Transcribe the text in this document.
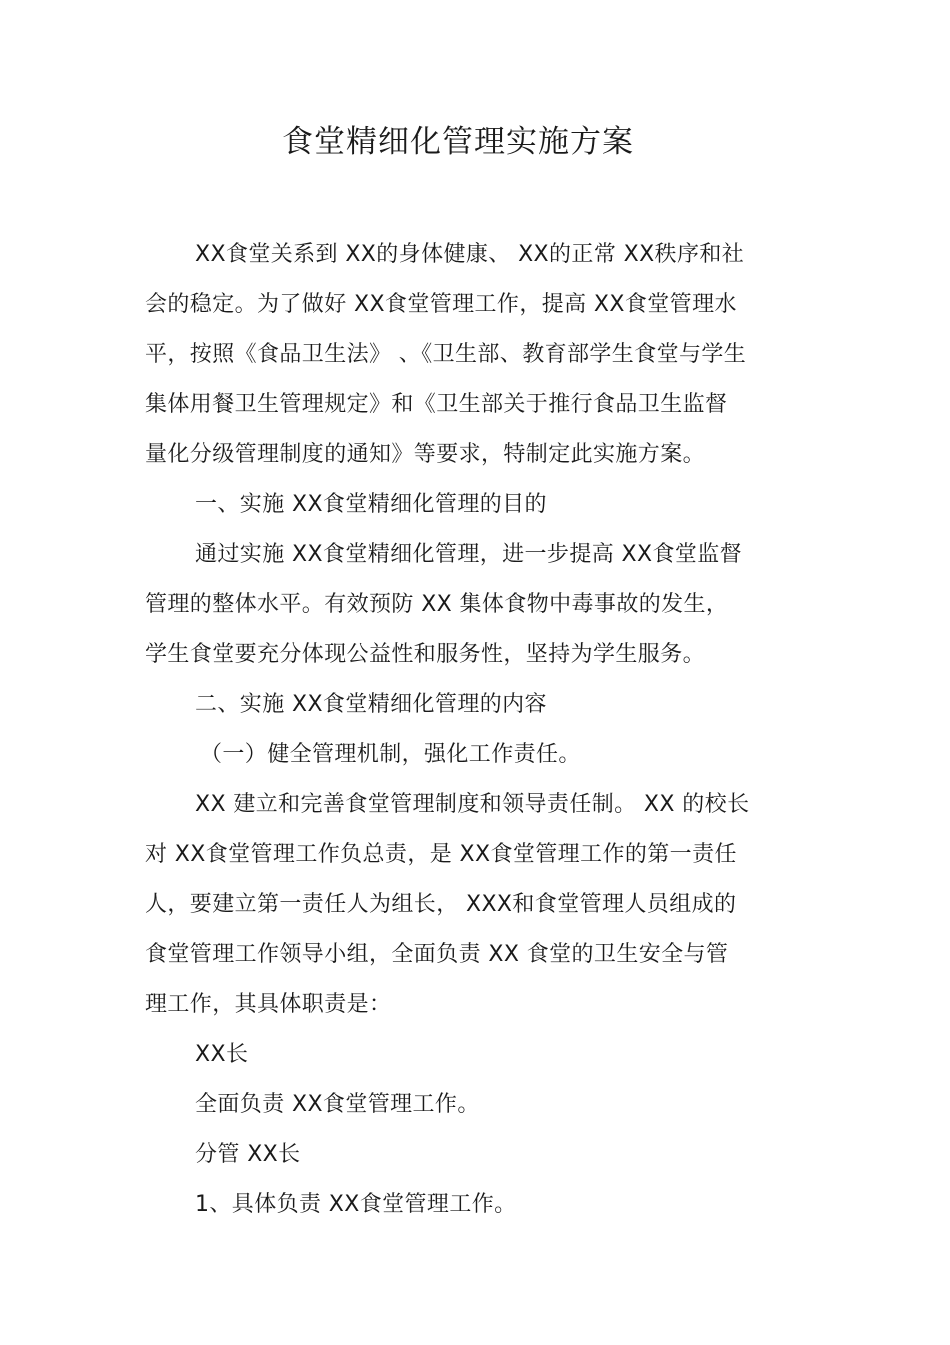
食堂精细化管理实施方案
XX食堂关系到 XX的身体健康、 XX的正常 XX秩序和社
会的稳定。为了做好 XX食堂管理工作，提高 XX食堂管理水
平，按照《食品卫生法》 、《卫生部、教育部学生食堂与学生
集体用餐卫生管理规定》和《卫生部关于推行食品卫生监督
量化分级管理制度的通知》等要求，特制定此实施方案。
一、实施 XX食堂精细化管理的目的
通过实施 XX食堂精细化管理，进一步提高 XX食堂监督
管理的整体水平。有效预防 XX 集体食物中毒事故的发生，
学生食堂要充分体现公益性和服务性，坚持为学生服务。
二、实施 XX食堂精细化管理的内容
（一）健全管理机制，强化工作责任。
XX 建立和完善食堂管理制度和领导责任制。 XX 的校长
对 XX食堂管理工作负总责，是 XX食堂管理工作的第一责任
人，要建立第一责任人为组长， XXX和食堂管理人员组成的
食堂管理工作领导小组，全面负责 XX 食堂的卫生安全与管
理工作，其具体职责是：
XX长
全面负责 XX食堂管理工作。
分管 XX长
1、具体负责 XX食堂管理工作。
